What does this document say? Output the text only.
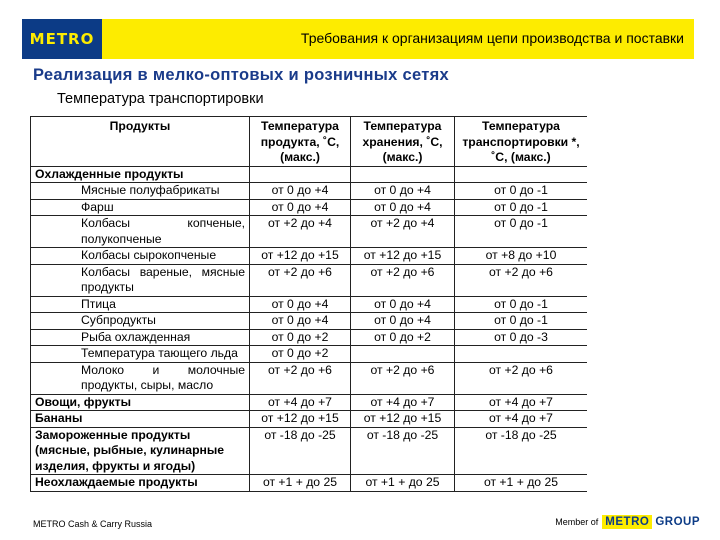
METRO	Требования к организациям цепи производства и поставки
Реализация в мелко-оптовых и розничных сетях
Температура транспортировки
Продукты	Температура продукта, ˚С, (макс.)	Температура хранения, ˚С, (макс.)	Температура транспортировки *, ˚С, (макс.)
Охлажденные продукты			
Мясные полуфабрикаты	от 0 до +4	от 0 до +4	от 0 до -1
Фарш	от 0 до +4	от 0 до +4	от 0 до -1
Колбасы копченые, полукопченые	от +2 до +4	от +2 до +4	от 0 до -1
Колбасы сырокопченые	от +12 до +15	от +12 до +15	от +8 до +10
Колбасы вареные, мясные продукты	от +2 до +6	от +2 до +6	от +2 до +6
Птица	от 0 до +4	от 0 до +4	от 0 до -1
Субпродукты	от 0 до +4	от 0 до +4	от 0 до -1
Рыба охлажденная	от 0 до +2	от 0 до +2	от 0 до -3
Температура тающего льда	от 0 до +2		
Молоко и молочные продукты, сыры, масло	от +2 до +6	от +2 до +6	от +2 до +6
Овощи, фрукты	от +4 до +7	от +4 до +7	от +4 до +7
Бананы	от +12 до +15	от +12 до +15	от +4 до +7
Замороженные продукты (мясные, рыбные, кулинарные изделия, фрукты и ягоды)	от -18 до -25	от -18 до -25	от -18 до -25
Неохлаждаемые продукты	от +1 + до 25	от +1 + до 25	от +1 + до 25
METRO Cash & Carry Russia	Member of METRO GROUP
